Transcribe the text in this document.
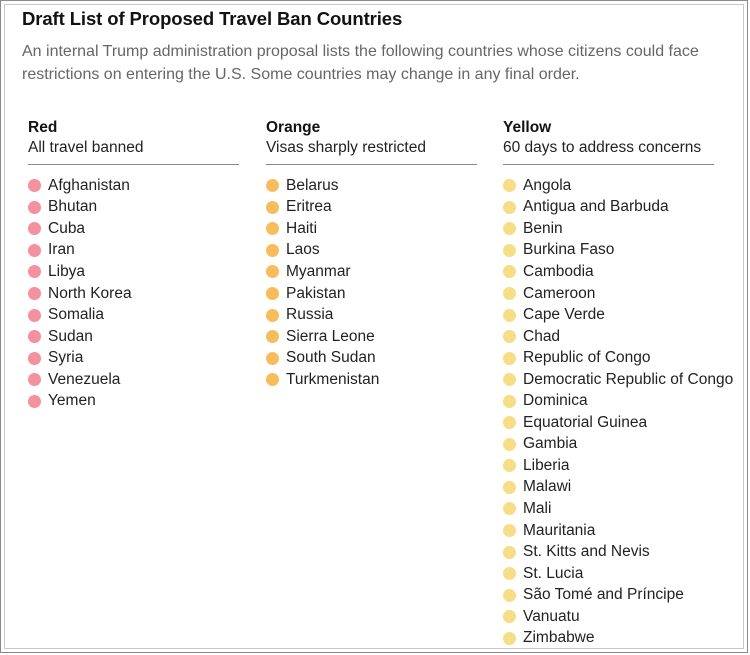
Draft List of Proposed Travel Ban Countries

An internal Trump administration proposal lists the following countries whose citizens could face restrictions on entering the U.S. Some countries may change in any final order.

Red
All travel banned
Afghanistan
Bhutan
Cuba
Iran
Libya
North Korea
Somalia
Sudan
Syria
Venezuela
Yemen
Orange
Visas sharply restricted
Belarus
Eritrea
Haiti
Laos
Myanmar
Pakistan
Russia
Sierra Leone
South Sudan
Turkmenistan
Yellow
60 days to address concerns
Angola
Antigua and Barbuda
Benin
Burkina Faso
Cambodia
Cameroon
Cape Verde
Chad
Republic of Congo
Democratic Republic of Congo
Dominica
Equatorial Guinea
Gambia
Liberia
Malawi
Mali
Mauritania
St. Kitts and Nevis
St. Lucia
São Tomé and Príncipe
Vanuatu
Zimbabwe
